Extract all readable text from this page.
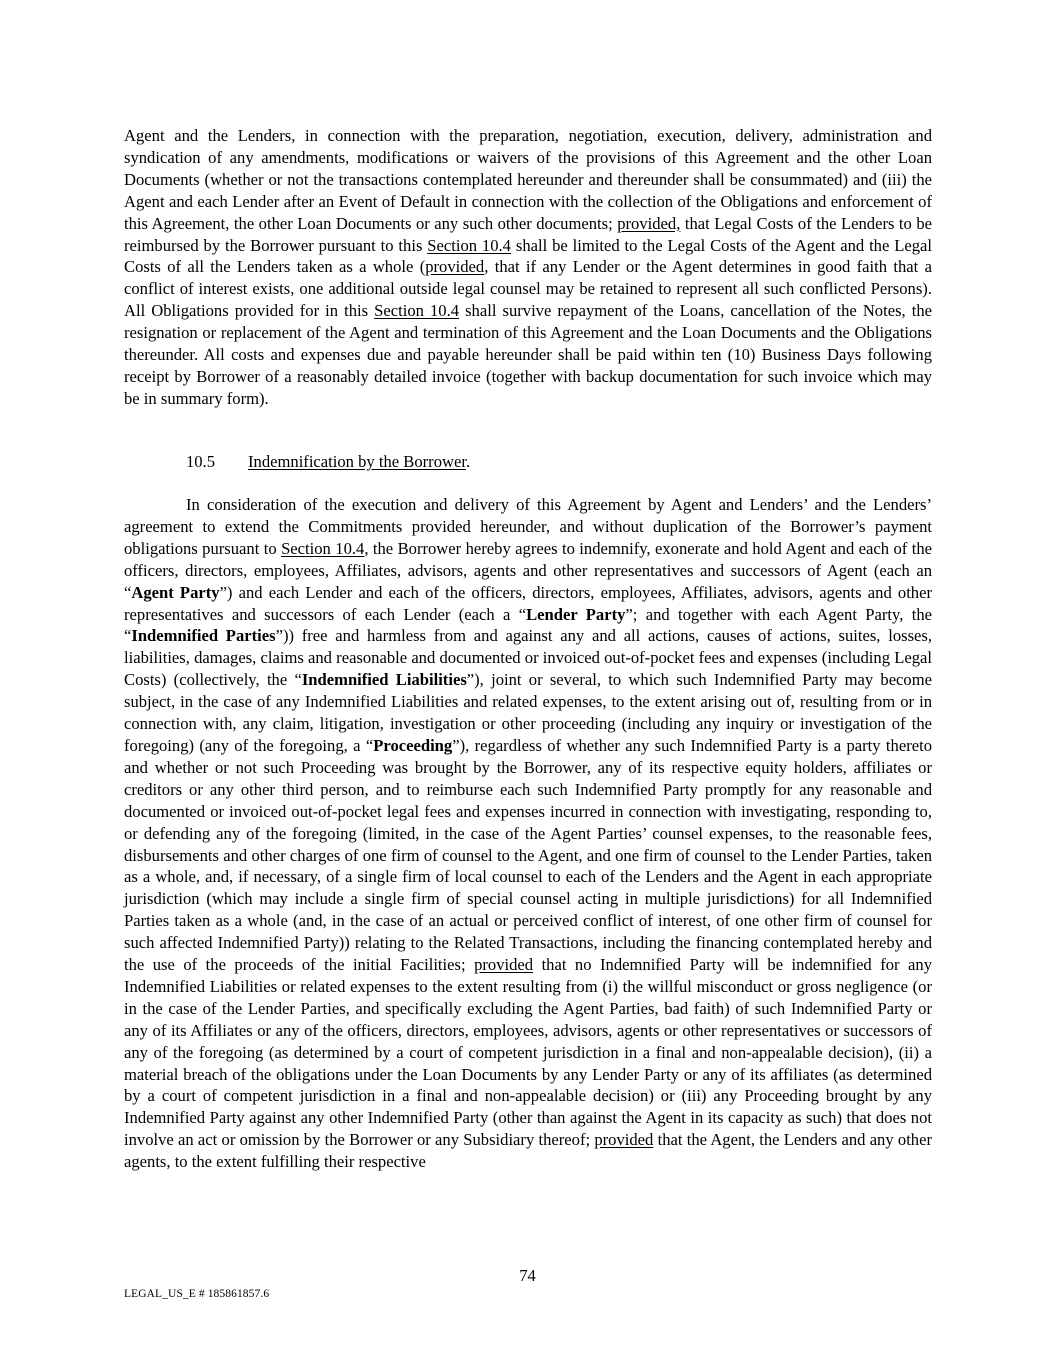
Agent and the Lenders, in connection with the preparation, negotiation, execution, delivery, administration and syndication of any amendments, modifications or waivers of the provisions of this Agreement and the other Loan Documents (whether or not the transactions contemplated hereunder and thereunder shall be consummated) and (iii) the Agent and each Lender after an Event of Default in connection with the collection of the Obligations and enforcement of this Agreement, the other Loan Documents or any such other documents; provided, that Legal Costs of the Lenders to be reimbursed by the Borrower pursuant to this Section 10.4 shall be limited to the Legal Costs of the Agent and the Legal Costs of all the Lenders taken as a whole (provided, that if any Lender or the Agent determines in good faith that a conflict of interest exists, one additional outside legal counsel may be retained to represent all such conflicted Persons). All Obligations provided for in this Section 10.4 shall survive repayment of the Loans, cancellation of the Notes, the resignation or replacement of the Agent and termination of this Agreement and the Loan Documents and the Obligations thereunder. All costs and expenses due and payable hereunder shall be paid within ten (10) Business Days following receipt by Borrower of a reasonably detailed invoice (together with backup documentation for such invoice which may be in summary form).

10.5 Indemnification by the Borrower.

In consideration of the execution and delivery of this Agreement by Agent and Lenders’ and the Lenders’ agreement to extend the Commitments provided hereunder, and without duplication of the Borrower’s payment obligations pursuant to Section 10.4, the Borrower hereby agrees to indemnify, exonerate and hold Agent and each of the officers, directors, employees, Affiliates, advisors, agents and other representatives and successors of Agent (each an “Agent Party”) and each Lender and each of the officers, directors, employees, Affiliates, advisors, agents and other representatives and successors of each Lender (each a “Lender Party”; and together with each Agent Party, the “Indemnified Parties”)) free and harmless from and against any and all actions, causes of actions, suites, losses, liabilities, damages, claims and reasonable and documented or invoiced out-of-pocket fees and expenses (including Legal Costs) (collectively, the “Indemnified Liabilities”), joint or several, to which such Indemnified Party may become subject, in the case of any Indemnified Liabilities and related expenses, to the extent arising out of, resulting from or in connection with, any claim, litigation, investigation or other proceeding (including any inquiry or investigation of the foregoing) (any of the foregoing, a “Proceeding”), regardless of whether any such Indemnified Party is a party thereto and whether or not such Proceeding was brought by the Borrower, any of its respective equity holders, affiliates or creditors or any other third person, and to reimburse each such Indemnified Party promptly for any reasonable and documented or invoiced out-of-pocket legal fees and expenses incurred in connection with investigating, responding to, or defending any of the foregoing (limited, in the case of the Agent Parties’ counsel expenses, to the reasonable fees, disbursements and other charges of one firm of counsel to the Agent, and one firm of counsel to the Lender Parties, taken as a whole, and, if necessary, of a single firm of local counsel to each of the Lenders and the Agent in each appropriate jurisdiction (which may include a single firm of special counsel acting in multiple jurisdictions) for all Indemnified Parties taken as a whole (and, in the case of an actual or perceived conflict of interest, of one other firm of counsel for such affected Indemnified Party)) relating to the Related Transactions, including the financing contemplated hereby and the use of the proceeds of the initial Facilities; provided that no Indemnified Party will be indemnified for any Indemnified Liabilities or related expenses to the extent resulting from (i) the willful misconduct or gross negligence (or in the case of the Lender Parties, and specifically excluding the Agent Parties, bad faith) of such Indemnified Party or any of its Affiliates or any of the officers, directors, employees, advisors, agents or other representatives or successors of any of the foregoing (as determined by a court of competent jurisdiction in a final and non-appealable decision), (ii) a material breach of the obligations under the Loan Documents by any Lender Party or any of its affiliates (as determined by a court of competent jurisdiction in a final and non-appealable decision) or (iii) any Proceeding brought by any Indemnified Party against any other Indemnified Party (other than against the Agent in its capacity as such) that does not involve an act or omission by the Borrower or any Subsidiary thereof; provided that the Agent, the Lenders and any other agents, to the extent fulfilling their respective

74
LEGAL_US_E # 185861857.6
